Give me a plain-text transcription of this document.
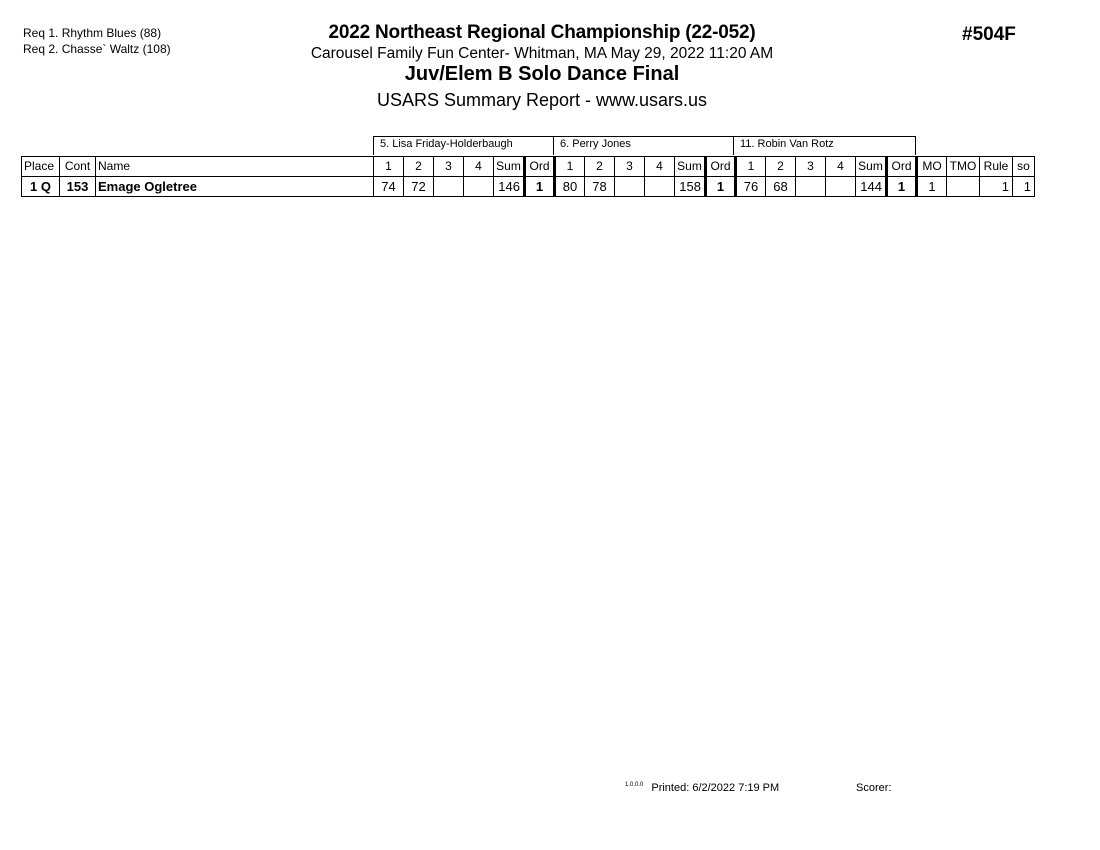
Req 1. Rhythm Blues (88)
Req 2. Chasse` Waltz (108)
2022 Northeast Regional Championship (22-052)
Carousel Family Fun Center- Whitman, MA May 29, 2022 11:20 AM
Juv/Elem B Solo Dance Final
USARS Summary Report - www.usars.us
#504F
5. Lisa Friday-Holderbaugh	6. Perry Jones	11. Robin Van Rotz
Place	Cont	Name	1	2	3	4	Sum	Ord	1	2	3	4	Sum	Ord	1	2	3	4	Sum	Ord	MO	TMO	Rule	so
1 Q	153	Emage Ogletree	74	72			146	1	80	78			158	1	76	68			144	1	1		1	1
$^{1.0.0.0}$ Printed: 6/2/2022 7:19 PM	Scorer:
